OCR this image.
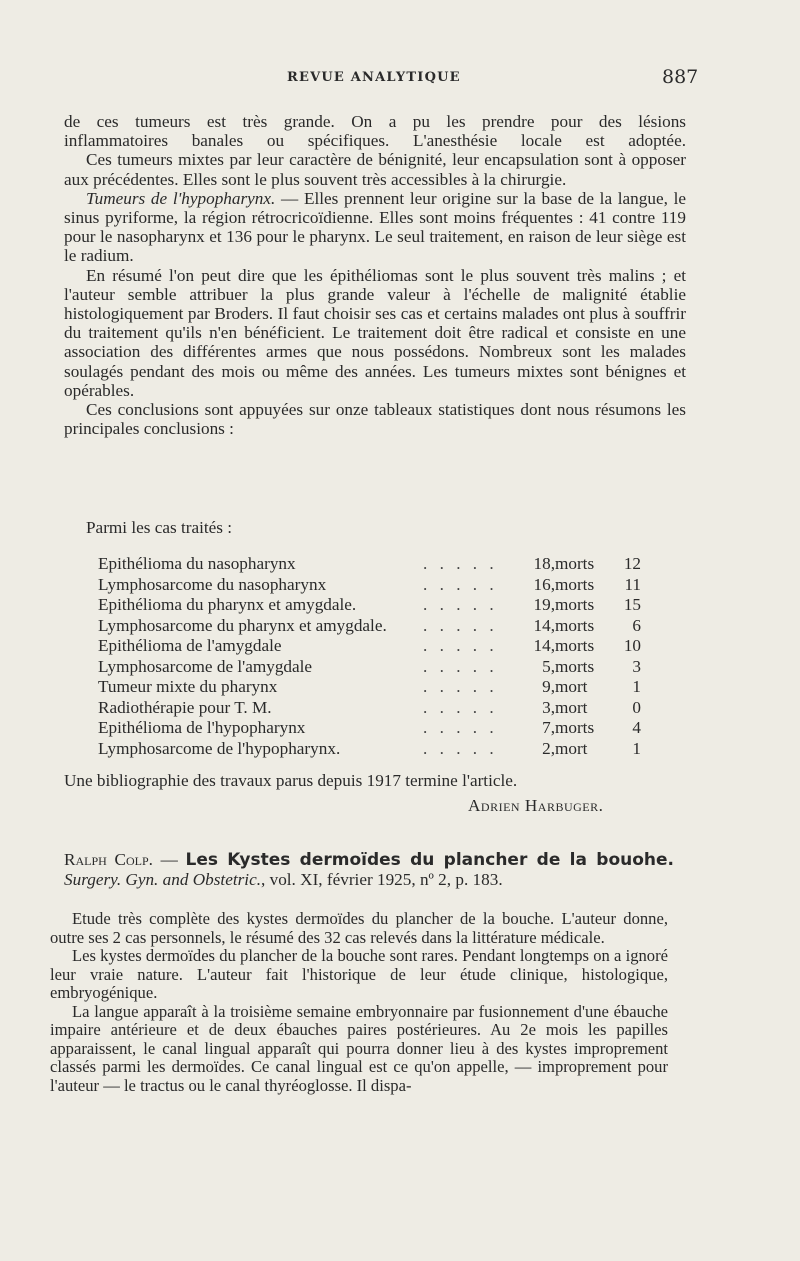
REVUE ANALYTIQUE	887

de ces tumeurs est très grande. On a pu les prendre pour des lésions

inflammatoires banales ou spécifiques. L'anesthésie locale est adoptée.

Ces tumeurs mixtes par leur caractère de bénignité, leur encapsulation sont à opposer aux précédentes. Elles sont le plus souvent très accessibles à la chirurgie.

Tumeurs de l'hypopharynx. — Elles prennent leur origine sur la base de la langue, le sinus pyriforme, la région rétrocricoïdienne. Elles sont moins fréquentes : 41 contre 119 pour le nasopharynx et 136 pour le pharynx. Le seul traitement, en raison de leur siège est le radium.

En résumé l'on peut dire que les épithéliomas sont le plus souvent très malins ; et l'auteur semble attribuer la plus grande valeur à l'échelle de malignité établie histologiquement par Broders. Il faut choisir ses cas et certains malades ont plus à souffrir du traitement qu'ils n'en bénéficient. Le traitement doit être radical et consiste en une association des différentes armes que nous possédons. Nombreux sont les malades soulagés pendant des mois ou même des années. Les tumeurs mixtes sont bénignes et opérables.

Ces conclusions sont appuyées sur onze tableaux statistiques dont nous résumons les principales conclusions :

Parmi les cas traités :
Epithélioma du nasopharynx	. . . . .	18,	morts	12
Lymphosarcome du nasopharynx	. . . . .	16,	morts	11
Epithélioma du pharynx et amygdale.	. . . . .	19,	morts	15
Lymphosarcome du pharynx et amygdale.	. . . . .	14,	morts	6
Epithélioma de l'amygdale	. . . . .	14,	morts	10
Lymphosarcome de l'amygdale	. . . . .	5,	morts	3
Tumeur mixte du pharynx	. . . . .	9,	mort	1
Radiothérapie pour T. M.	. . . . .	3,	mort	0
Epithélioma de l'hypopharynx	. . . . .	7,	morts	4
Lymphosarcome de l'hypopharynx.	. . . . .	2,	mort	1
Une bibliographie des travaux parus depuis 1917 termine l'article.
Adrien Harbuger.
Ralph Colp. — Les Kystes dermoïdes du plancher de la bouohe. Surgery. Gyn. and Obstetric., vol. XI, février 1925, nº 2, p. 183.

Etude très complète des kystes dermoïdes du plancher de la bouche. L'auteur donne, outre ses 2 cas personnels, le résumé des 32 cas relevés dans la littérature médicale.

Les kystes dermoïdes du plancher de la bouche sont rares. Pendant longtemps on a ignoré leur vraie nature. L'auteur fait l'historique de leur étude clinique, histologique, embryogénique.

La langue apparaît à la troisième semaine embryonnaire par fusionnement d'une ébauche impaire antérieure et de deux ébauches paires postérieures. Au 2e mois les papilles apparaissent, le canal lingual apparaît qui pourra donner lieu à des kystes improprement classés parmi les dermoïdes. Ce canal lingual est ce qu'on appelle, — improprement pour l'auteur — le tractus ou le canal thyréoglosse. Il dispa-
